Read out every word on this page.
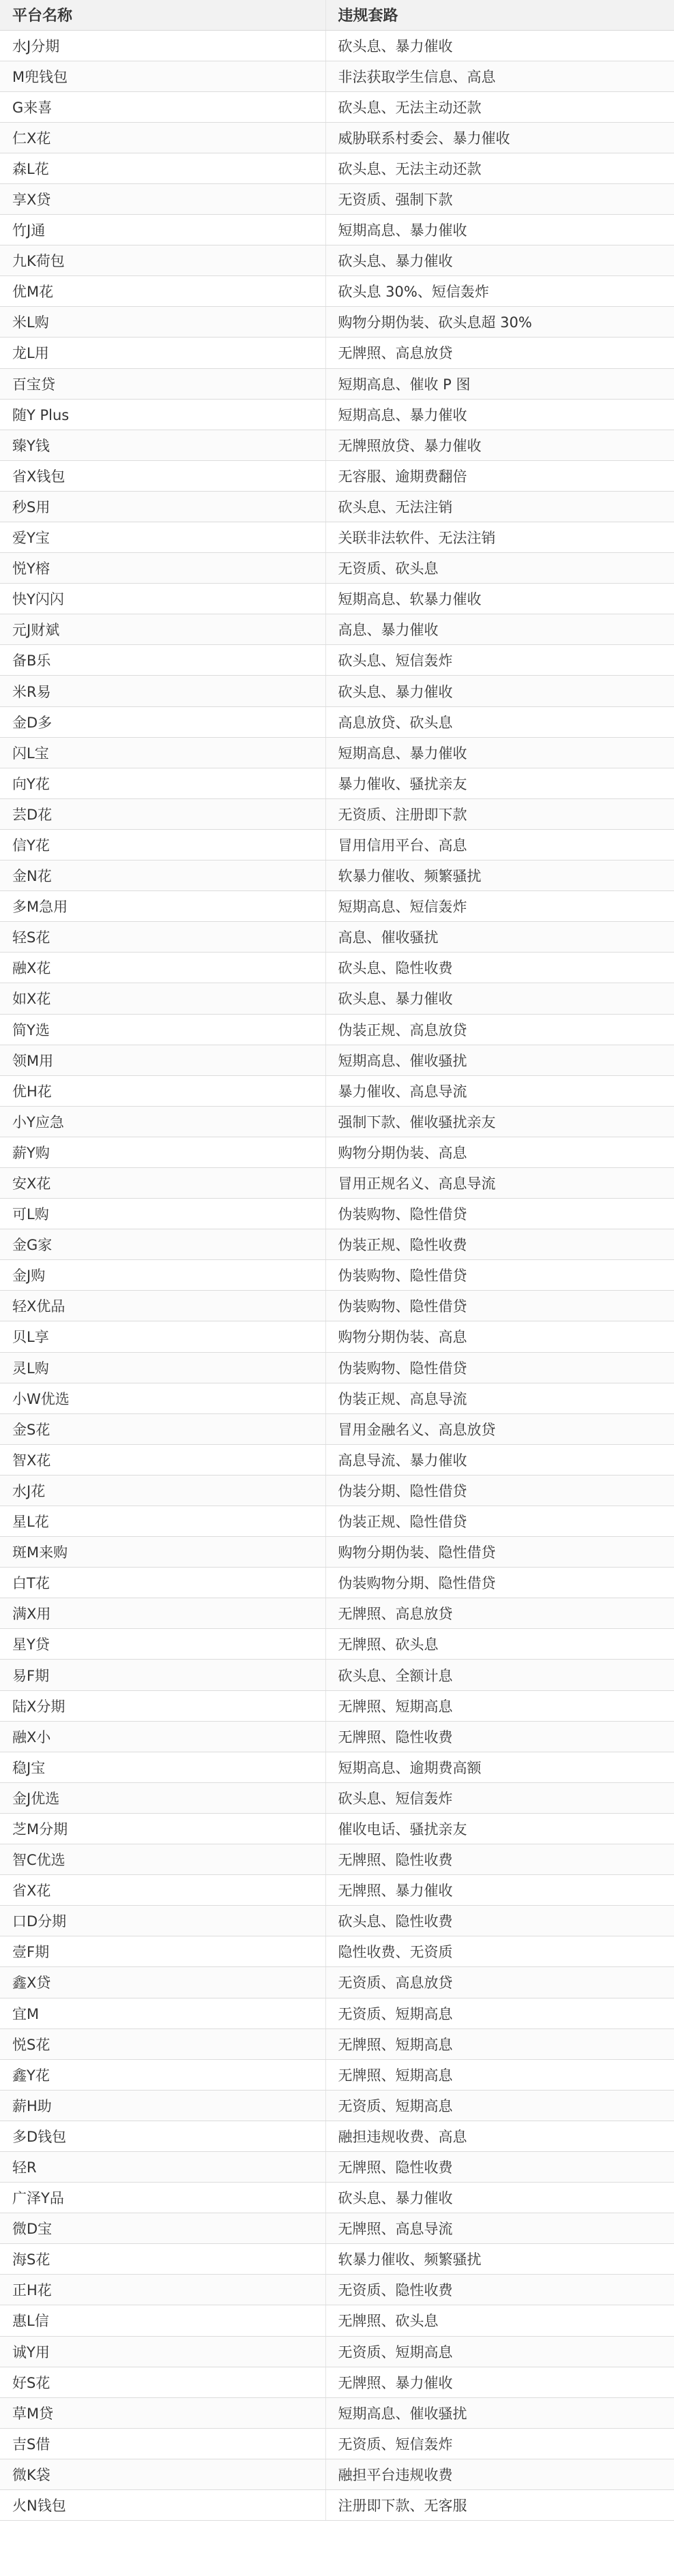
平台名称	违规套路
水J分期	砍头息、暴力催收
M兜钱包	非法获取学生信息、高息
G来喜	砍头息、无法主动还款
仁X花	威胁联系村委会、暴力催收
森L花	砍头息、无法主动还款
享X贷	无资质、强制下款
竹J通	短期高息、暴力催收
九K荷包	砍头息、暴力催收
优M花	砍头息 30%、短信轰炸
米L购	购物分期伪装、砍头息超 30%
龙L用	无牌照、高息放贷
百宝贷	短期高息、催收 P 图
随Y Plus	短期高息、暴力催收
臻Y钱	无牌照放贷、暴力催收
省X钱包	无容服、逾期费翻倍
秒S用	砍头息、无法注销
爱Y宝	关联非法软件、无法注销
悦Y榕	无资质、砍头息
快Y闪闪	短期高息、软暴力催收
元J财斌	高息、暴力催收
备B乐	砍头息、短信轰炸
米R易	砍头息、暴力催收
金D多	高息放贷、砍头息
闪L宝	短期高息、暴力催收
向Y花	暴力催收、骚扰亲友
芸D花	无资质、注册即下款
信Y花	冒用信用平台、高息
金N花	软暴力催收、频繁骚扰
多M急用	短期高息、短信轰炸
轻S花	高息、催收骚扰
融X花	砍头息、隐性收费
如X花	砍头息、暴力催收
简Y选	伪装正规、高息放贷
领M用	短期高息、催收骚扰
优H花	暴力催收、高息导流
小Y应急	强制下款、催收骚扰亲友
薪Y购	购物分期伪装、高息
安X花	冒用正规名义、高息导流
可L购	伪装购物、隐性借贷
金G家	伪装正规、隐性收费
金J购	伪装购物、隐性借贷
轻X优品	伪装购物、隐性借贷
贝L享	购物分期伪装、高息
灵L购	伪装购物、隐性借贷
小W优选	伪装正规、高息导流
金S花	冒用金融名义、高息放贷
智X花	高息导流、暴力催收
水J花	伪装分期、隐性借贷
星L花	伪装正规、隐性借贷
斑M来购	购物分期伪装、隐性借贷
白T花	伪装购物分期、隐性借贷
满X用	无牌照、高息放贷
星Y贷	无牌照、砍头息
易F期	砍头息、全额计息
陆X分期	无牌照、短期高息
融X小	无牌照、隐性收费
稳J宝	短期高息、逾期费高额
金J优选	砍头息、短信轰炸
芝M分期	催收电话、骚扰亲友
智C优选	无牌照、隐性收费
省X花	无牌照、暴力催收
口D分期	砍头息、隐性收费
壹F期	隐性收费、无资质
鑫X贷	无资质、高息放贷
宜M	无资质、短期高息
悦S花	无牌照、短期高息
鑫Y花	无牌照、短期高息
薪H助	无资质、短期高息
多D钱包	融担违规收费、高息
轻R	无牌照、隐性收费
广泽Y品	砍头息、暴力催收
微D宝	无牌照、高息导流
海S花	软暴力催收、频繁骚扰
正H花	无资质、隐性收费
惠L信	无牌照、砍头息
诚Y用	无资质、短期高息
好S花	无牌照、暴力催收
草M贷	短期高息、催收骚扰
吉S借	无资质、短信轰炸
微K袋	融担平台违规收费
火N钱包	注册即下款、无客服
